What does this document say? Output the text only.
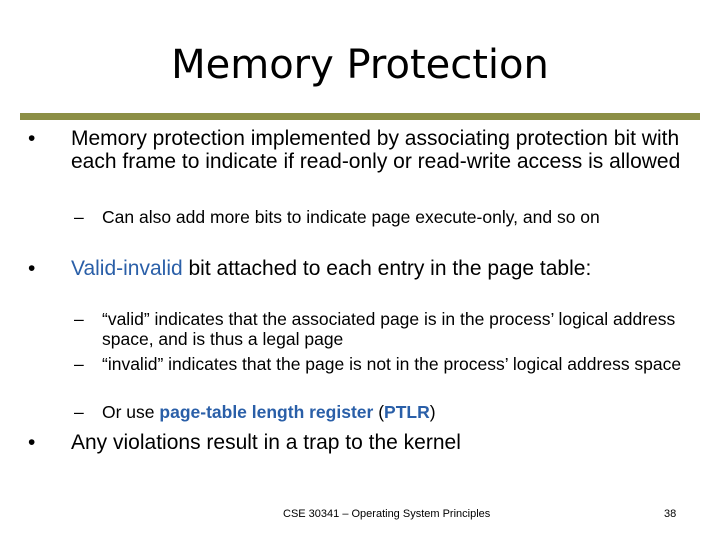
Memory Protection
• Memory protection implemented by associating protection bit with each frame to indicate if read-only or read-write access is allowed
– Can also add more bits to indicate page execute-only, and so on
• Valid-invalid bit attached to each entry in the page table:
– “valid” indicates that the associated page is in the process’ logical address space, and is thus a legal page
– “invalid” indicates that the page is not in the process’ logical address space
– Or use page-table length register (PTLR)
• Any violations result in a trap to the kernel
CSE 30341 – Operating System Principles	38
